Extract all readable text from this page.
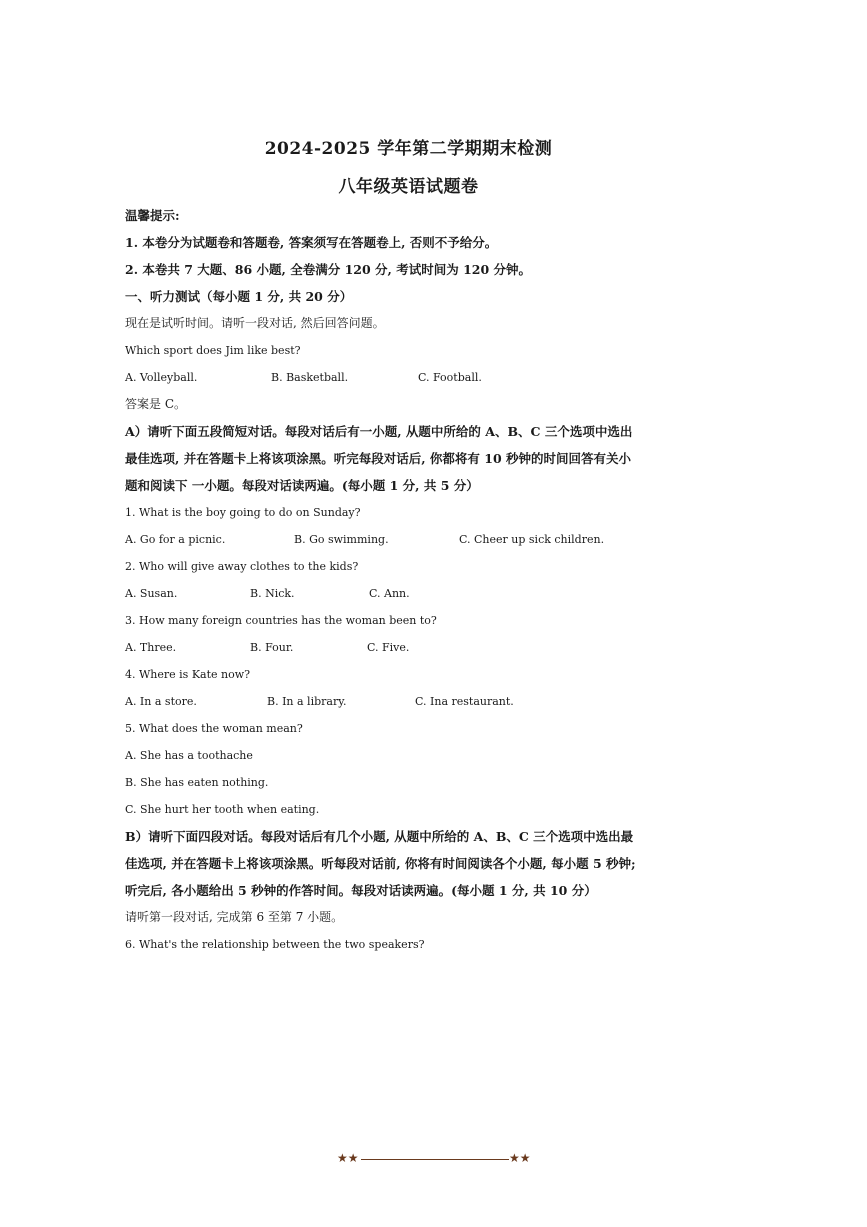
2024-2025 学年第二学期期末检测
八年级英语试题卷
温馨提示:
1. 本卷分为试题卷和答题卷, 答案须写在答题卷上, 否则不予给分。
2. 本卷共 7 大题、86 小题, 全卷满分 120 分, 考试时间为 120 分钟。
一、听力测试（每小题 1 分, 共 20 分）
现在是试听时间。请听一段对话, 然后回答问题。
Which sport does Jim like best?
A. Volleyball.	B. Basketball.	C. Football.
答案是 C。
A）请听下面五段简短对话。每段对话后有一小题, 从题中所给的 A、B、C 三个选项中选出
最佳选项, 并在答题卡上将该项涂黑。听完每段对话后, 你都将有 10 秒钟的时间回答有关小
题和阅读下 一小题。每段对话读两遍。(每小题 1 分, 共 5 分）
1. What is the boy going to do on Sunday?
A. Go for a picnic.	B. Go swimming.	C. Cheer up sick children.
2. Who will give away clothes to the kids?
A. Susan.	B. Nick.	C. Ann.
3. How many foreign countries has the woman been to?
A. Three.	B. Four.	C. Five.
4. Where is Kate now?
A. In a store.	B. In a library.	C. Ina restaurant.
5. What does the woman mean?
A. She has a toothache
B. She has eaten nothing.
C. She hurt her tooth when eating.
B）请听下面四段对话。每段对话后有几个小题, 从题中所给的 A、B、C 三个选项中选出最
佳选项, 并在答题卡上将该项涂黑。听每段对话前, 你将有时间阅读各个小题, 每小题 5 秒钟;
听完后, 各小题给出 5 秒钟的作答时间。每段对话读两遍。(每小题 1 分, 共 10 分）
请听第一段对话, 完成第 6 至第 7 小题。
6. What's the relationship between the two speakers?
★★	★★
